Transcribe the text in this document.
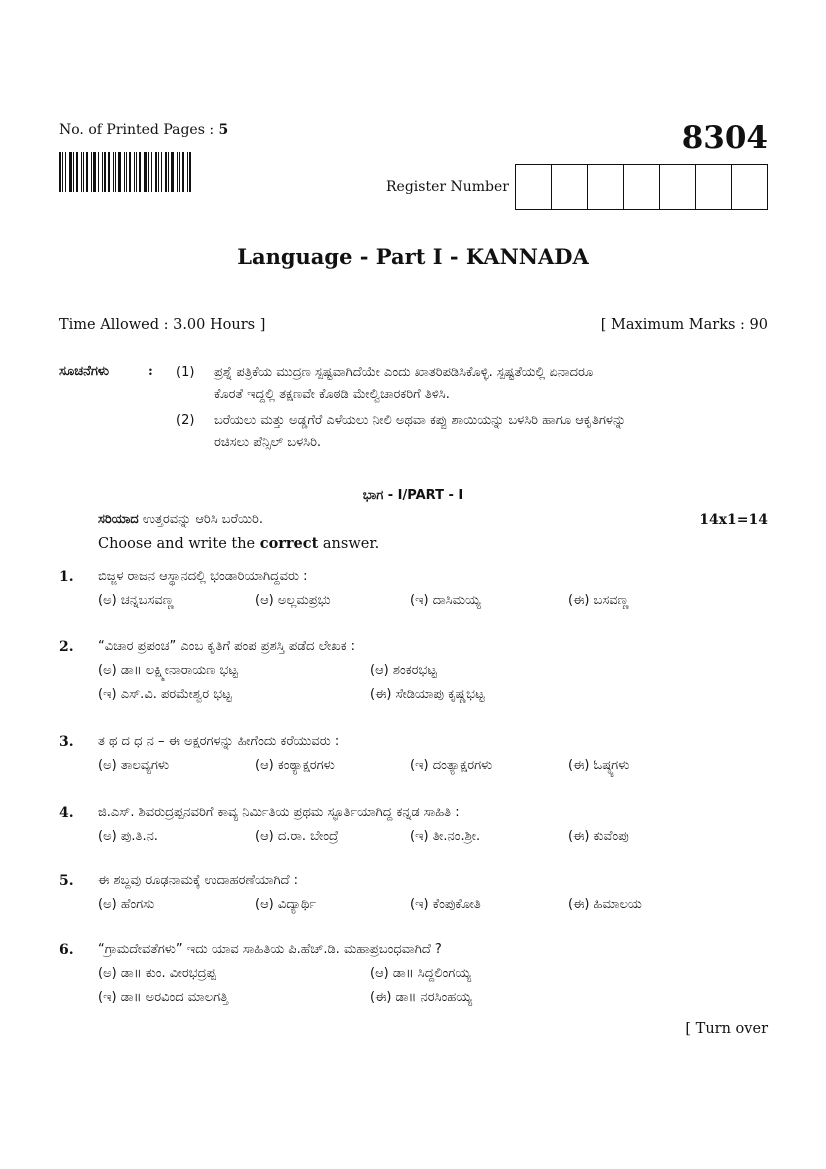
No. of Printed Pages : 5	8304
Register Number
Language - Part I - KANNADA
Time Allowed : 3.00 Hours ]	[ Maximum Marks : 90
ಸೂಚನೆಗಳು	: (1)	ಪ್ರಶ್ನೆ ಪತ್ರಿಕೆಯ ಮುದ್ರಣ ಸ್ಪಷ್ಟವಾಗಿದೆಯೇ ಎಂದು ಖಾತರಿಪಡಿಸಿಕೊಳ್ಳಿ. ಸ್ಪಷ್ಟತೆಯಲ್ಲಿ ಏನಾದರೂ
ಕೊರತೆ ಇದ್ದಲ್ಲಿ ತಕ್ಷಣವೇ ಕೊಠಡಿ ಮೇಲ್ವಿಚಾರಕರಿಗೆ ತಿಳಿಸಿ.
(2)	ಬರೆಯಲು ಮತ್ತು ಅಡ್ಡಗೆರೆ ಎಳೆಯಲು ನೀಲಿ ಅಥವಾ ಕಪ್ಪು ಶಾಯಿಯನ್ನು ಬಳಸಿರಿ ಹಾಗೂ ಆಕೃತಿಗಳನ್ನು
ರಚಿಸಲು ಪೆನ್ಸಿಲ್ ಬಳಸಿರಿ.
ಭಾಗ - I/PART - I
ಸರಿಯಾದ ಉತ್ತರವನ್ನು ಆರಿಸಿ ಬರೆಯಿರಿ.
Choose and write the correct answer.
14x1=14
1. ಬಿಜ್ಜಳ ರಾಜನ ಆಸ್ಥಾನದಲ್ಲಿ ಭಂಡಾರಿಯಾಗಿದ್ದವರು :
(ಅ) ಚನ್ನಬಸವಣ್ಣ	(ಆ) ಅಲ್ಲಮಪ್ರಭು	(ಇ) ದಾಸಿಮಯ್ಯ	(ಈ) ಬಸವಣ್ಣ
2. “ವಿಚಾರ ಪ್ರಪಂಚ” ಎಂಬ ಕೃತಿಗೆ ಪಂಪ ಪ್ರಶಸ್ತಿ ಪಡೆದ ಲೇಖಕ :
(ಅ) ಡಾ॥ ಲಕ್ಷ್ಮೀನಾರಾಯಣ ಭಟ್ಟ	(ಆ) ಶಂಕರಭಟ್ಟ
(ಇ) ಎಸ್.ವಿ. ಪರಮೇಶ್ವರ ಭಟ್ಟ	(ಈ) ಸೇಡಿಯಾಪು ಕೃಷ್ಣಭಟ್ಟ
3. ತ ಥ ದ ಧ ನ – ಈ ಅಕ್ಷರಗಳನ್ನು ಹೀಗೆಂದು ಕರೆಯುವರು :
(ಅ) ತಾಲವ್ಯಗಳು	(ಆ) ಕಂಠ್ಯಾಕ್ಷರಗಳು	(ಇ) ದಂತ್ಯಾಕ್ಷರಗಳು	(ಈ) ಓಷ್ಠ್ಯಗಳು
4. ಜಿ.ಎಸ್. ಶಿವರುದ್ರಪ್ಪನವರಿಗೆ ಕಾವ್ಯ ನಿರ್ಮಿತಿಯ ಪ್ರಥಮ ಸ್ಫೂರ್ತಿಯಾಗಿದ್ದ ಕನ್ನಡ ಸಾಹಿತಿ :
(ಅ) ಪು.ತಿ.ನ.	(ಆ) ದ.ರಾ. ಬೇಂದ್ರೆ	(ಇ) ತೀ.ನಂ.ಶ್ರೀ.	(ಈ) ಕುವೆಂಪು
5. ಈ ಶಬ್ದವು ರೂಢನಾಮಕ್ಕೆ ಉದಾಹರಣೆಯಾಗಿದೆ :
(ಅ) ಹೆಂಗಸು	(ಆ) ವಿದ್ಯಾರ್ಥಿ	(ಇ) ಕೆಂಪುಕೋತಿ	(ಈ) ಹಿಮಾಲಯ
6. “ಗ್ರಾಮದೇವತೆಗಳು” ಇದು ಯಾವ ಸಾಹಿತಿಯ ಪಿ.ಹೆಚ್.ಡಿ. ಮಹಾಪ್ರಬಂಧವಾಗಿದೆ ?
(ಅ) ಡಾ॥ ಕುಂ. ವೀರಭದ್ರಪ್ಪ	(ಆ) ಡಾ॥ ಸಿದ್ದಲಿಂಗಯ್ಯ
(ಇ) ಡಾ॥ ಅರವಿಂದ ಮಾಲಗತ್ತಿ	(ಈ) ಡಾ॥ ನರಸಿಂಹಯ್ಯ
[ Turn over
